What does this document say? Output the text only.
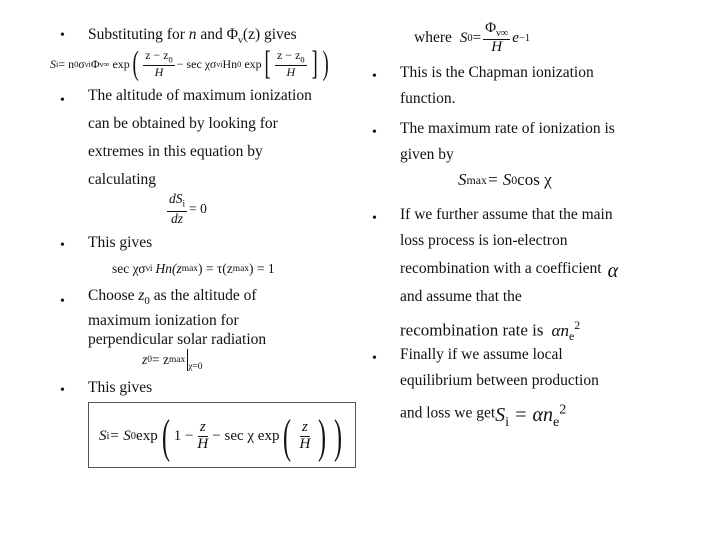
• Substituting for n and $\Phi_\nu(z)$ gives
S i = n 0 σ νi Φ ν∞ exp ( $\frac{z - z_0}{H} - \sec \chi\sigma$ νi Hn 0 exp [ $\frac{z - z_0}{H}$ ] )
• The altitude of maximum ionization
can be obtained by looking for
extremes in this equation by
calculating
$\frac{dS_i}{dz} = 0$
• This gives
sec χσ νi Hn(z max ) = τ(z max ) = 1
• Choose $z_0$ as the altitude of
maximum ionization for
perpendicular solar radiation
z 0 = z max
$_{\chi=0}$
• This gives
S i = S 0 exp ( $1 - \frac{z}{H} - \sec \chi$ exp ( $\frac{z}{H}$ ) )
where S $0 = \frac{\Phi_{\nu\infty}}{H}$ e −1
• This is the Chapman ionization
function.
• The maximum rate of ionization is
given by
S max = S 0 cos χ
• If we further assume that the main
loss process is ion-electron
recombination with a coefficient α
and assume that the
recombination rate is $\alpha n_e^2$
• Finally if we assume local
equilibrium between production
and loss we getS$_i$ = $\alpha n_e^2$
